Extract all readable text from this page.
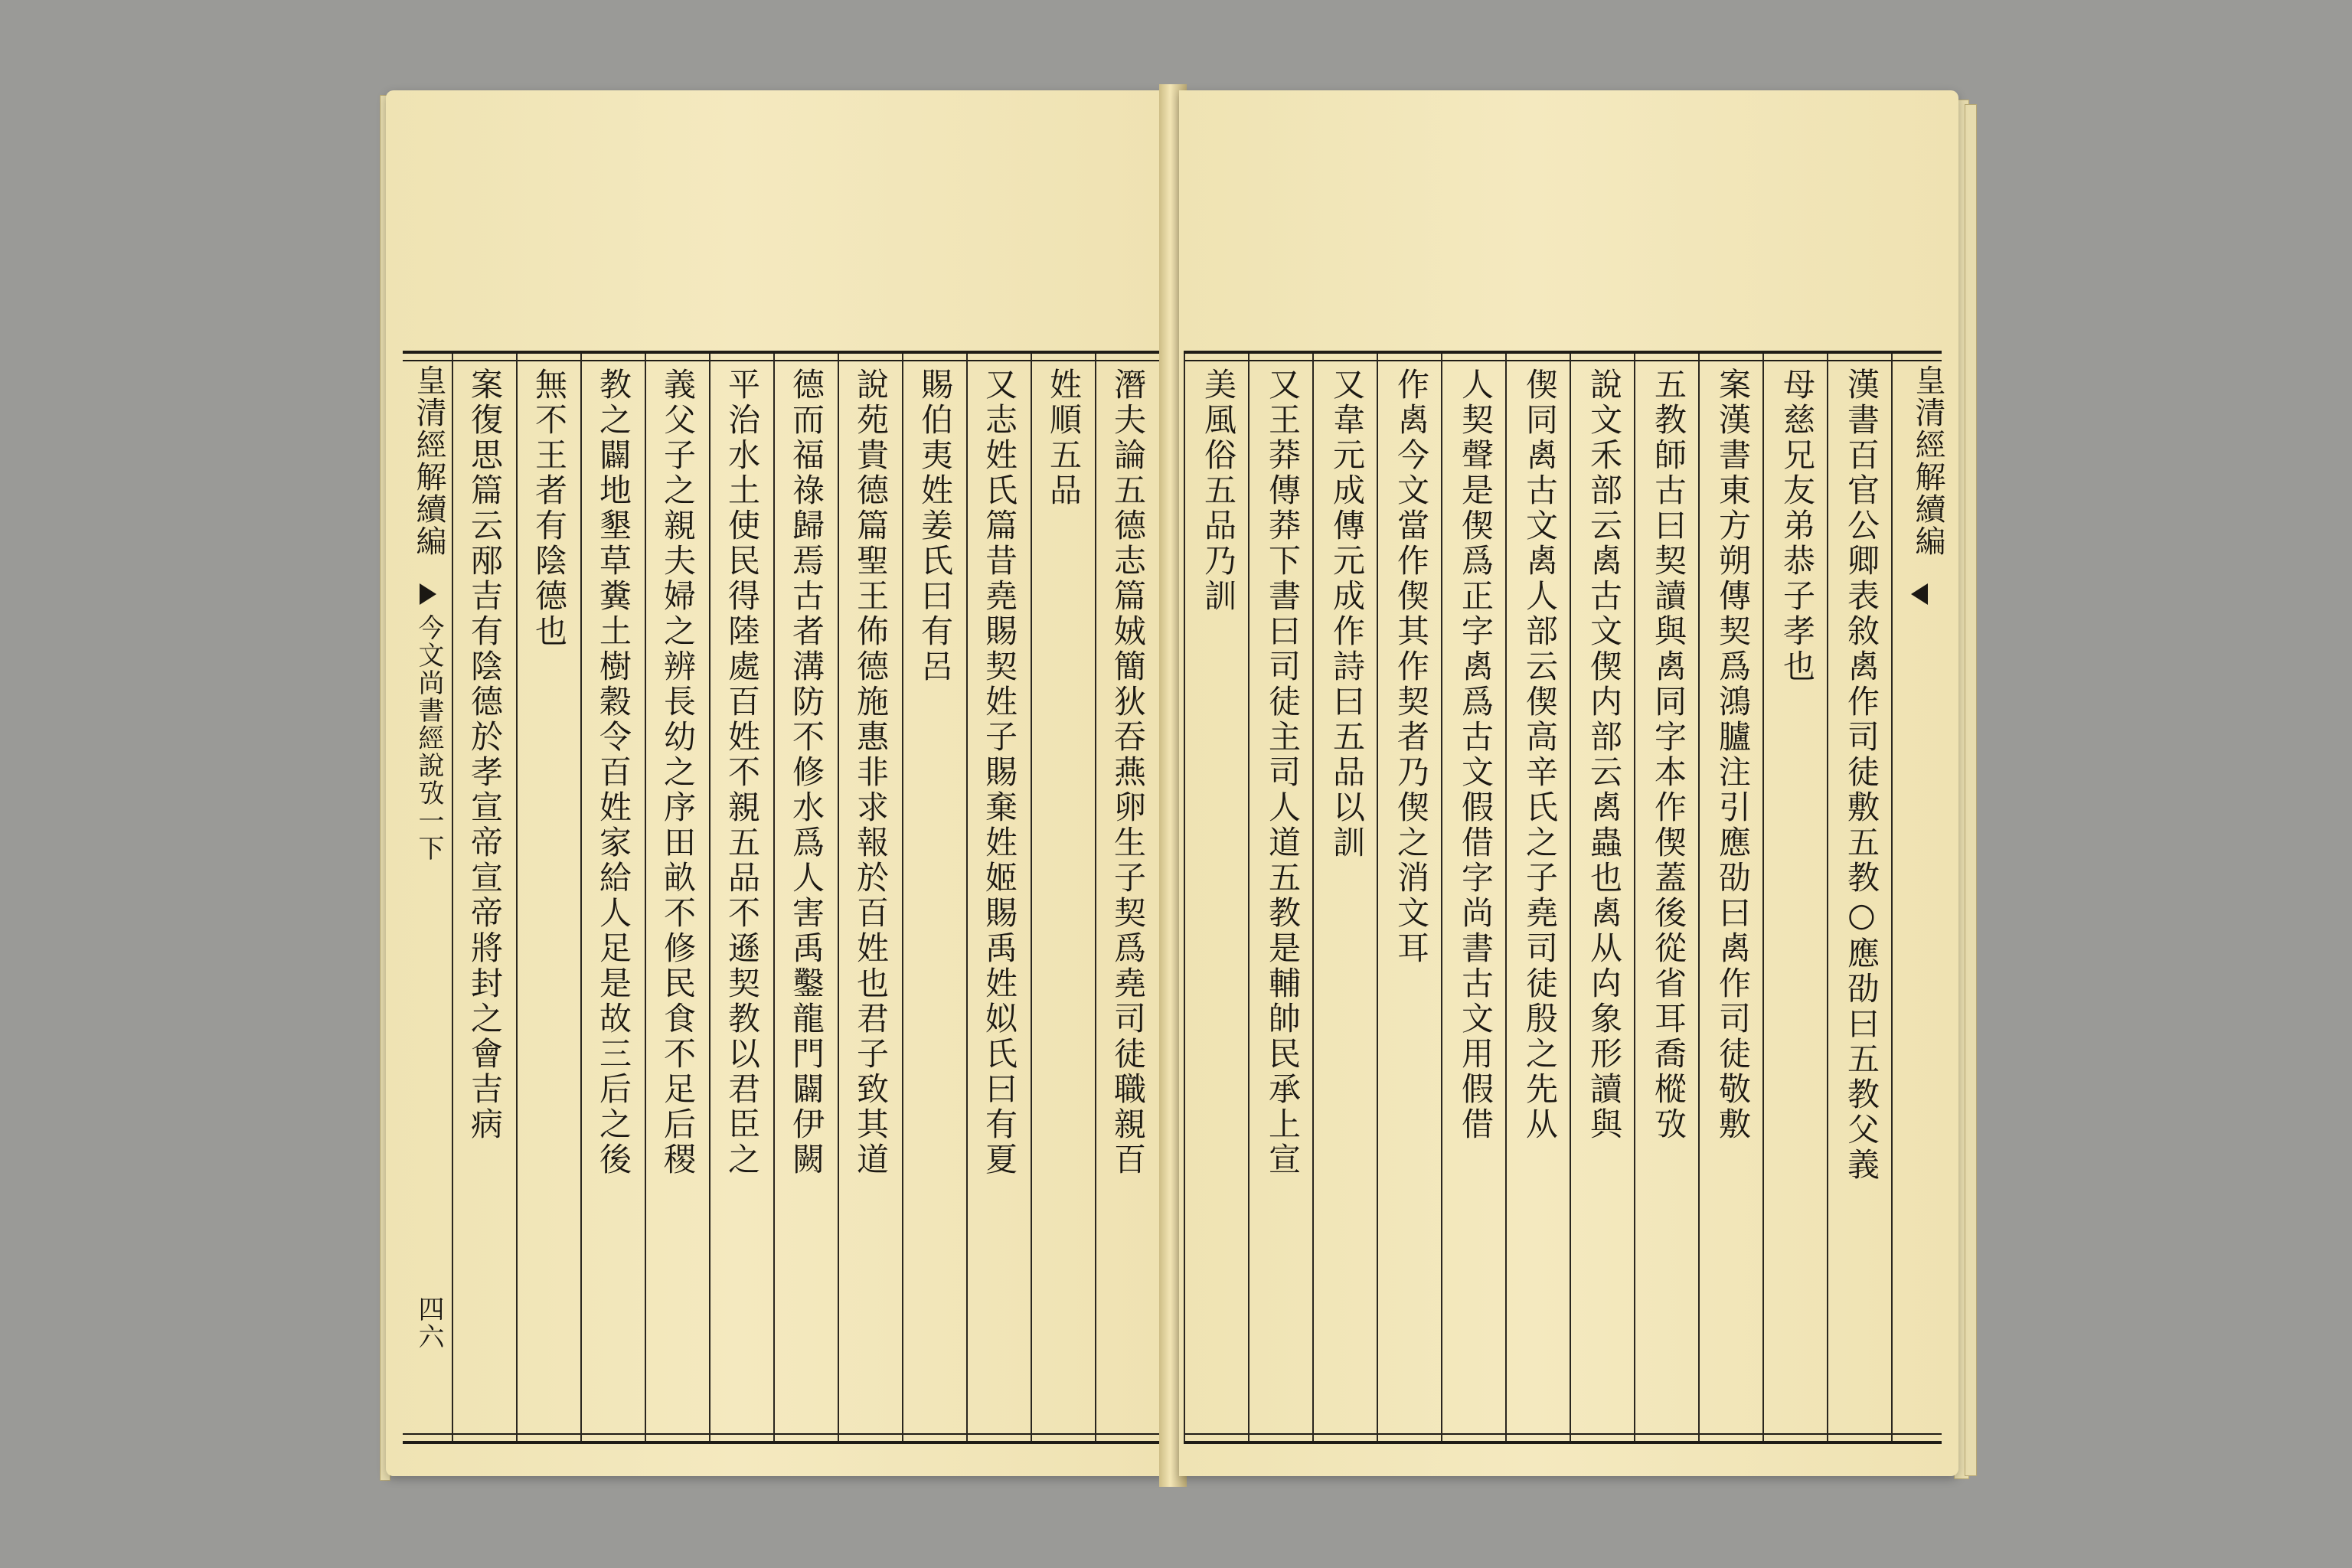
潛夫論五德志篇娀簡狄吞燕卵生子契爲堯司徒職親百
姓順五品
又志姓氏篇昔堯賜契姓子賜棄姓姬賜禹姓姒氏曰有夏
賜伯夷姓姜氏曰有呂
說苑貴德篇聖王佈德施惠非求報於百姓也君子致其道
德而福祿歸焉古者溝防不修水爲人害禹鑿龍門闢伊闕
平治水土使民得陸處百姓不親五品不遜契教以君臣之
義父子之親夫婦之辨長幼之序田畝不修民食不足后稷
教之闢地墾草糞土樹穀令百姓家給人足是故三后之後
無不王者有陰德也
案復思篇云邴吉有陰德於孝宣帝宣帝將封之會吉病
皇清經解續編
今文尚書經說攷一下
四六
漢書百官公卿表敘禼作司徒敷五教○應劭曰五教父義
母慈兄友弟恭子孝也
案漢書東方朔傳契爲鴻臚注引應劭曰禼作司徒敬敷
五教師古曰契讀與禼同字本作偰蓋後從省耳喬樅攷
說文禾部云禼古文偰内部云禼蟲也禼从禸象形讀與
偰同禼古文禼人部云偰高辛氏之子堯司徒殷之先从
人契聲是偰爲正字禼爲古文假借字尚書古文用假借
作禼今文當作偰其作契者乃偰之消文耳
又韋元成傳元成作詩曰五品以訓
又王莽傳莽下書曰司徒主司人道五教是輔帥民承上宣
美風俗五品乃訓	皇清經解續編
